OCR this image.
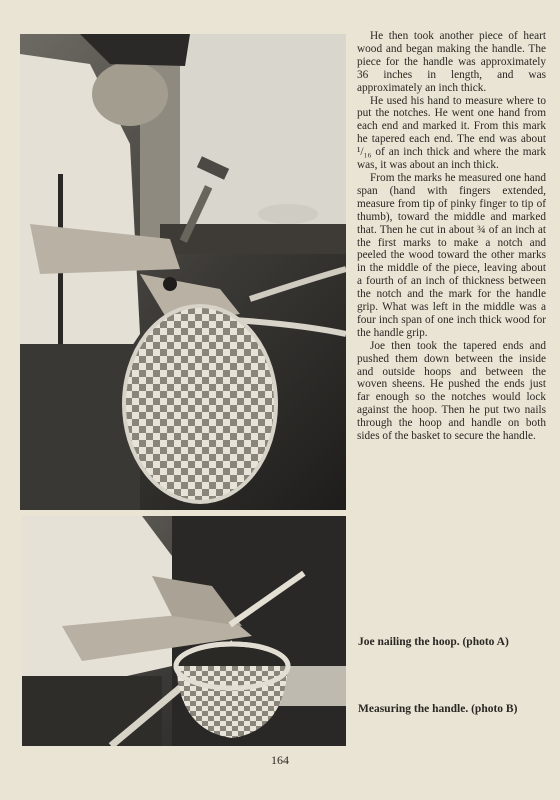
He then took another piece of heart wood and began making the handle. The piece for the handle was approximately 36 inches in length, and was approximately an inch thick.

He used his hand to measure where to put the notches. He went one hand from each end and marked it. From this mark he tapered each end. The end was about ¹/₁₆ of an inch thick and where the mark was, it was about an inch thick.

From the marks he measured one hand span (hand with fingers extended, measure from tip of pinky finger to tip of thumb), toward the middle and marked that. Then he cut in about ¾ of an inch at the first marks to make a notch and peeled the wood toward the other marks in the middle of the piece, leaving about a fourth of an inch of thickness between the notch and the mark for the handle grip. What was left in the middle was a four inch span of one inch thick wood for the handle grip.

Joe then took the tapered ends and pushed them down between the inside and outside hoops and between the woven sheens. He pushed the ends just far enough so the notches would lock against the hoop. Then he put two nails through the hoop and handle on both sides of the basket to secure the handle.

Joe nailing the hoop. (photo A)
Measuring the handle. (photo B)
164
